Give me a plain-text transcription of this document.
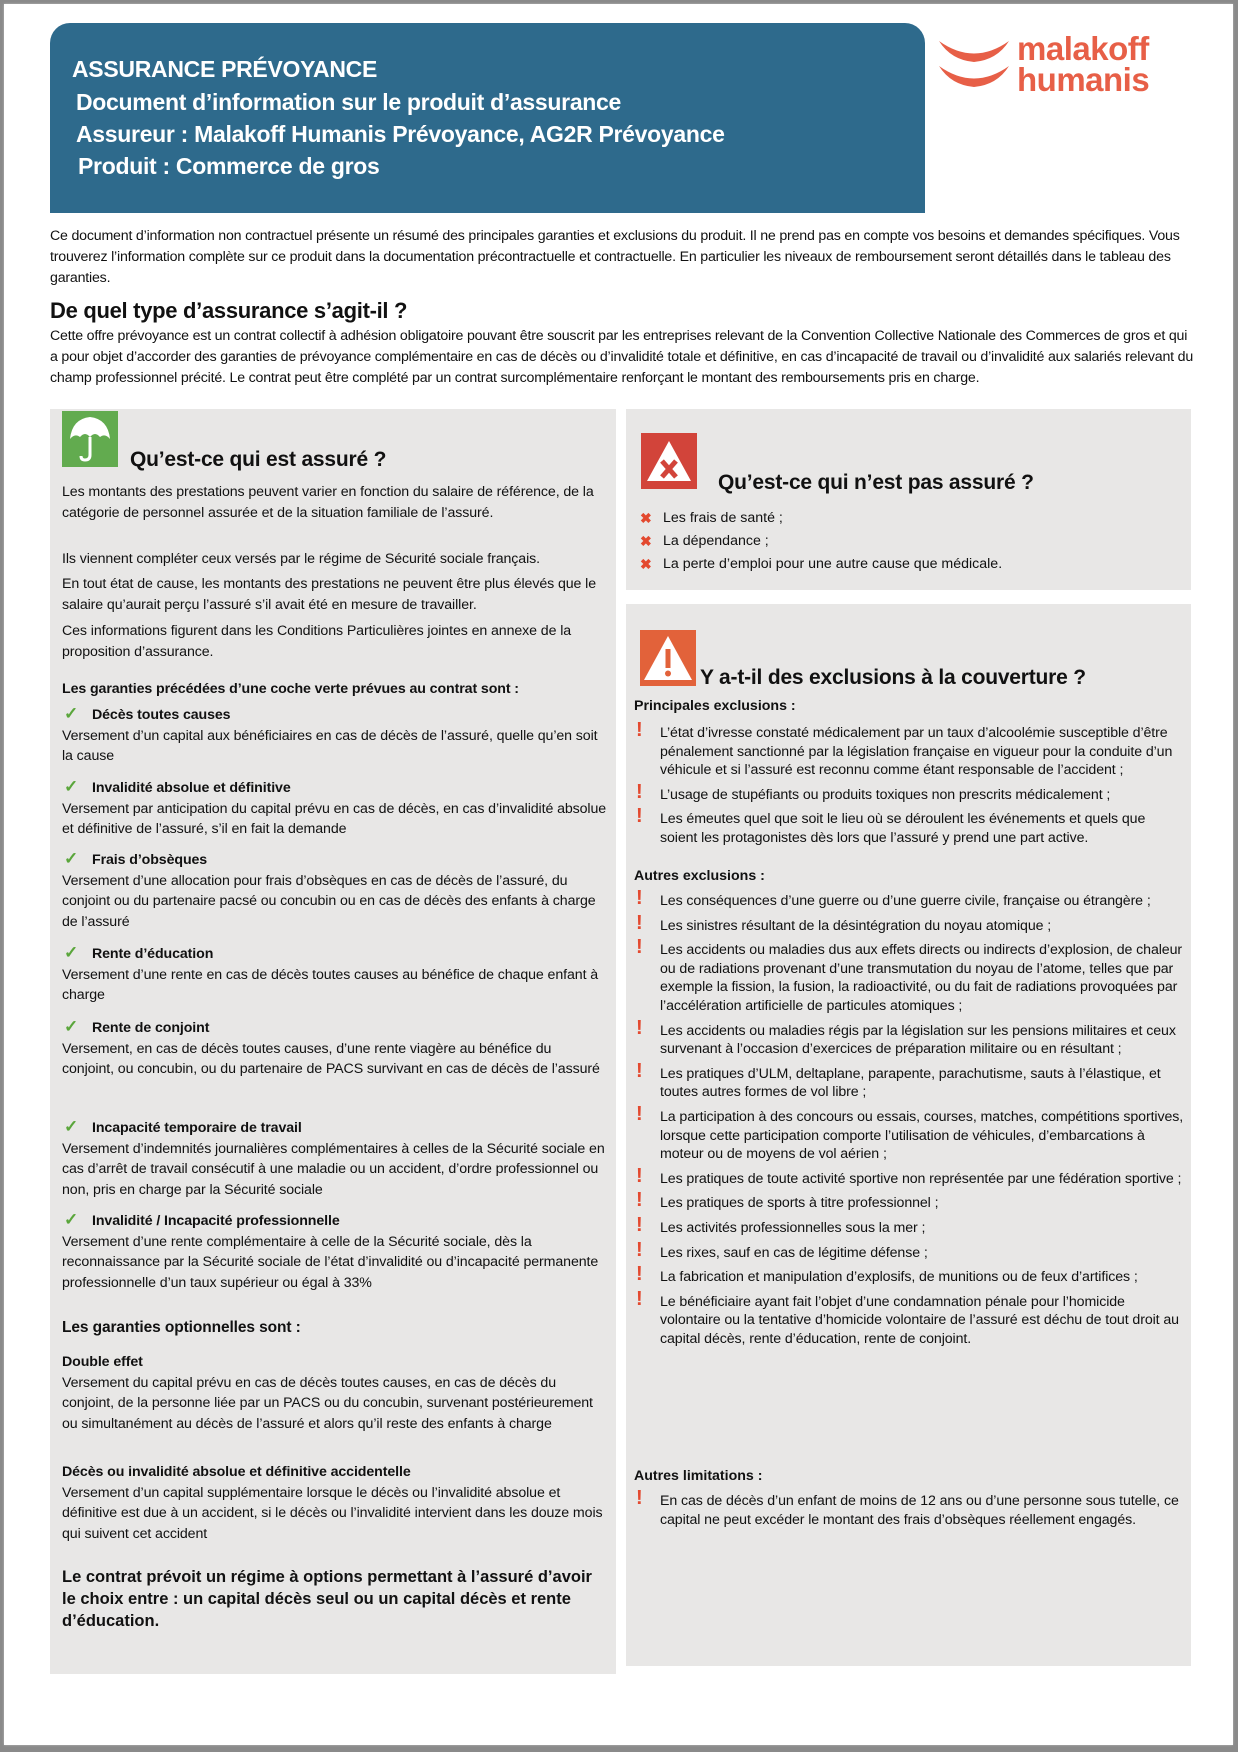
ASSURANCE PRÉVOYANCE
Document d’information sur le produit d’assurance
Assureur : Malakoff Humanis Prévoyance, AG2R Prévoyance
Produit : Commerce de gros
malakoff
humanis
Ce document d’information non contractuel présente un résumé des principales garanties et exclusions du produit. Il ne prend pas en compte vos besoins et demandes spécifiques. Vous trouverez l’information complète sur ce produit dans la documentation précontractuelle et contractuelle. En particulier les niveaux de remboursement seront détaillés dans le tableau des garanties.
De quel type d’assurance s’agit-il ?
Cette offre prévoyance est un contrat collectif à adhésion obligatoire pouvant être souscrit par les entreprises relevant de la Convention Collective Nationale des Commerces de gros et qui a pour objet d’accorder des garanties de prévoyance complémentaire en cas de décès ou d’invalidité totale et définitive, en cas d’incapacité de travail ou d’invalidité aux salariés relevant du champ professionnel précité. Le contrat peut être complété par un contrat surcomplémentaire renforçant le montant des remboursements pris en charge.
Qu’est-ce qui est assuré ?
Les montants des prestations peuvent varier en fonction du salaire de référence, de la catégorie de personnel assurée et de la situation familiale de l’assuré.
Ils viennent compléter ceux versés par le régime de Sécurité sociale français.
En tout état de cause, les montants des prestations ne peuvent être plus élevés que le salaire qu’aurait perçu l’assuré s’il avait été en mesure de travailler.
Ces informations figurent dans les Conditions Particulières jointes en annexe de la proposition d’assurance.
Les garanties précédées d’une coche verte prévues au contrat sont :
✓ Décès toutes causes
Versement d’un capital aux bénéficiaires en cas de décès de l’assuré, quelle qu’en soit la cause
✓ Invalidité absolue et définitive
Versement par anticipation du capital prévu en cas de décès, en cas d’invalidité absolue et définitive de l’assuré, s’il en fait la demande
✓ Frais d’obsèques
Versement d’une allocation pour frais d’obsèques en cas de décès de l’assuré, du conjoint ou du partenaire pacsé ou concubin ou en cas de décès des enfants à charge de l’assuré
✓ Rente d’éducation
Versement d’une rente en cas de décès toutes causes au bénéfice de chaque enfant à charge
✓ Rente de conjoint
Versement, en cas de décès toutes causes, d’une rente viagère au bénéfice du conjoint, ou concubin, ou du partenaire de PACS survivant en cas de décès de l’assuré
✓ Incapacité temporaire de travail
Versement d’indemnités journalières complémentaires à celles de la Sécurité sociale en cas d’arrêt de travail consécutif à une maladie ou un accident, d’ordre professionnel ou non, pris en charge par la Sécurité sociale
✓ Invalidité / Incapacité professionnelle
Versement d’une rente complémentaire à celle de la Sécurité sociale, dès la reconnaissance par la Sécurité sociale de l’état d’invalidité ou d’incapacité permanente professionnelle d’un taux supérieur ou égal à 33%
Les garanties optionnelles sont :
Double effet
Versement du capital prévu en cas de décès toutes causes, en cas de décès du conjoint, de la personne liée par un PACS ou du concubin, survenant postérieurement ou simultanément au décès de l’assuré et alors qu’il reste des enfants à charge
Décès ou invalidité absolue et définitive accidentelle
Versement d’un capital supplémentaire lorsque le décès ou l’invalidité absolue et définitive est due à un accident, si le décès ou l’invalidité intervient dans les douze mois qui suivent cet accident
Le contrat prévoit un régime à options permettant à l’assuré d’avoir le choix entre : un capital décès seul ou un capital décès et rente d’éducation.
Qu’est-ce qui n’est pas assuré ?
✖ Les frais de santé ;
✖ La dépendance ;
✖ La perte d’emploi pour une autre cause que médicale.
Y a-t-il des exclusions à la couverture ?
Principales exclusions :
! L’état d’ivresse constaté médicalement par un taux d’alcoolémie susceptible d’être pénalement sanctionné par la législation française en vigueur pour la conduite d’un véhicule et si l’assuré est reconnu comme étant responsable de l’accident ;
! L’usage de stupéfiants ou produits toxiques non prescrits médicalement ;
! Les émeutes quel que soit le lieu où se déroulent les événements et quels que soient les protagonistes dès lors que l’assuré y prend une part active.
Autres exclusions :
! Les conséquences d’une guerre ou d’une guerre civile, française ou étrangère ;
! Les sinistres résultant de la désintégration du noyau atomique ;
! Les accidents ou maladies dus aux effets directs ou indirects d’explosion, de chaleur ou de radiations provenant d’une transmutation du noyau de l’atome, telles que par exemple la fission, la fusion, la radioactivité, ou du fait de radiations provoquées par l’accélération artificielle de particules atomiques ;
! Les accidents ou maladies régis par la législation sur les pensions militaires et ceux survenant à l’occasion d’exercices de préparation militaire ou en résultant ;
! Les pratiques d’ULM, deltaplane, parapente, parachutisme, sauts à l’élastique, et toutes autres formes de vol libre ;
! La participation à des concours ou essais, courses, matches, compétitions sportives, lorsque cette participation comporte l’utilisation de véhicules, d’embarcations à moteur ou de moyens de vol aérien ;
! Les pratiques de toute activité sportive non représentée par une fédération sportive ;
! Les pratiques de sports à titre professionnel ;
! Les activités professionnelles sous la mer ;
! Les rixes, sauf en cas de légitime défense ;
! La fabrication et manipulation d’explosifs, de munitions ou de feux d’artifices ;
! Le bénéficiaire ayant fait l’objet d’une condamnation pénale pour l’homicide volontaire ou la tentative d’homicide volontaire de l’assuré est déchu de tout droit au capital décès, rente d’éducation, rente de conjoint.
Autres limitations :
! En cas de décès d’un enfant de moins de 12 ans ou d’une personne sous tutelle, ce capital ne peut excéder le montant des frais d’obsèques réellement engagés.
